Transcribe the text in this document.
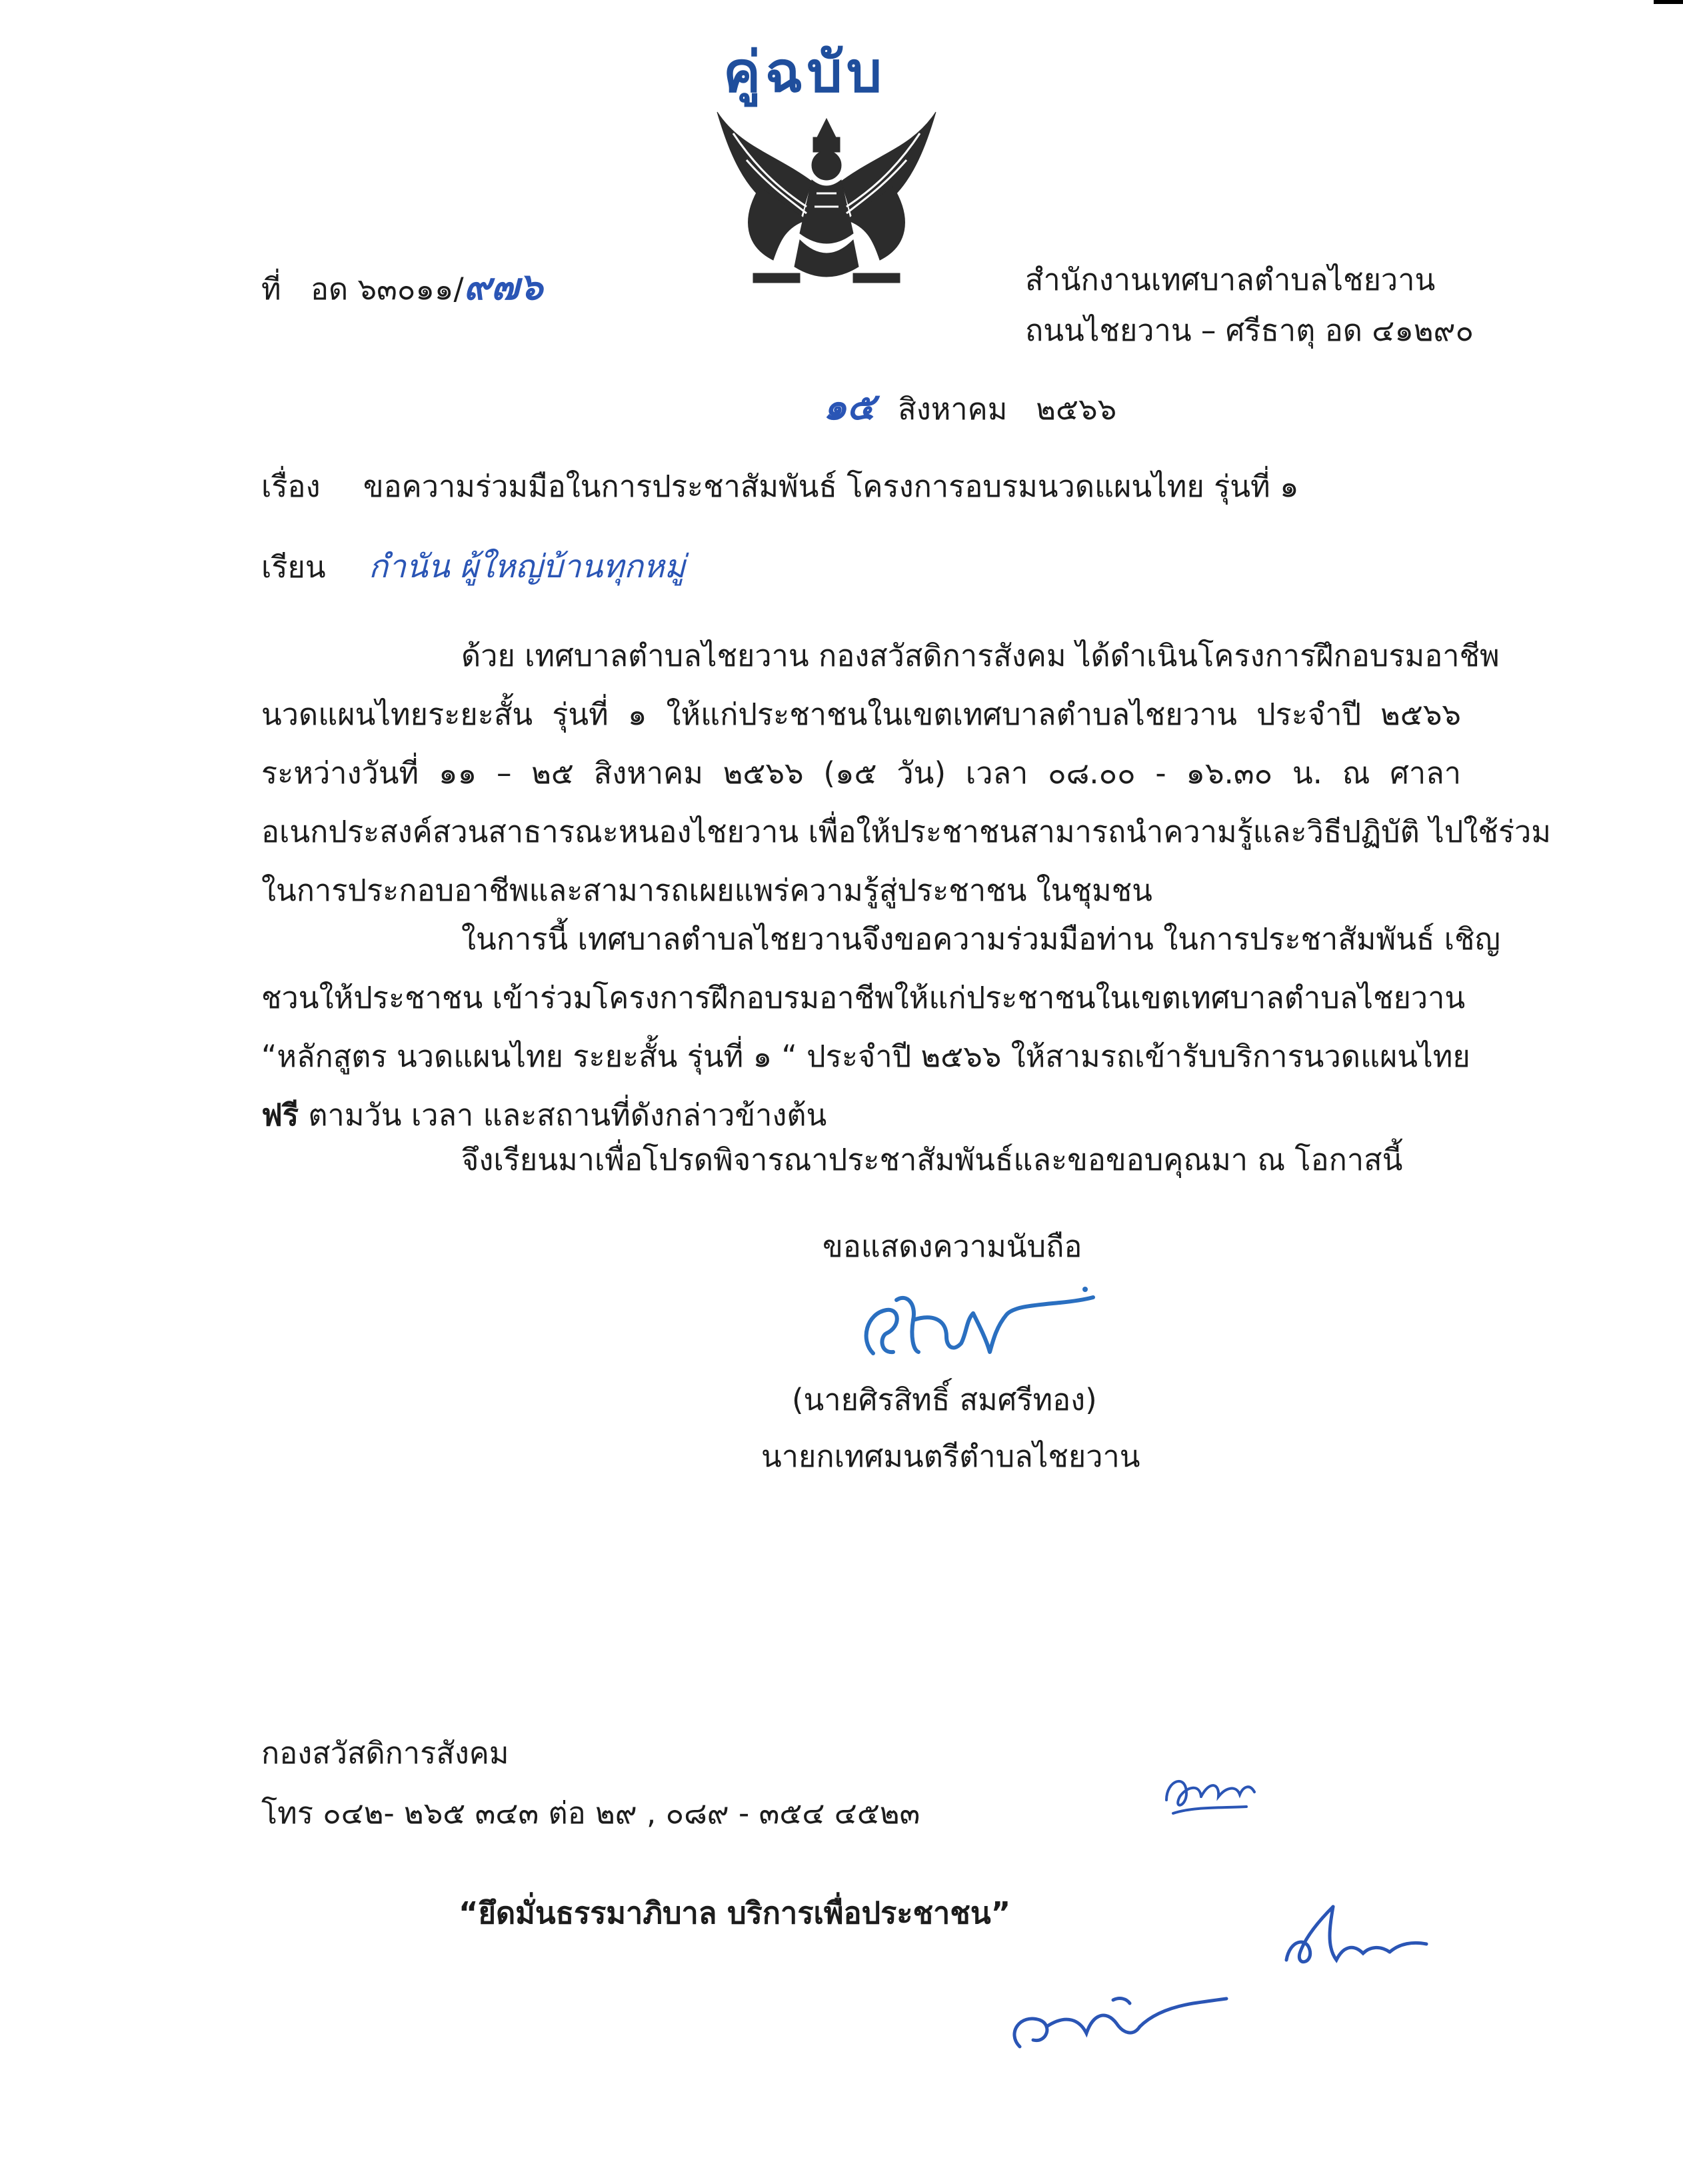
คู่ฉบับ
ที่ อด ๖๓๐๑๑/๙๗๖	สำนักงานเทศบาลตำบลไชยวาน
ถนนไชยวาน – ศรีธาตุ อด ๔๑๒๙๐
๑๕ สิงหาคม   ๒๕๖๖
เรื่อง ขอความร่วมมือในการประชาสัมพันธ์ โครงการอบรมนวดแผนไทย รุ่นที่ ๑
เรียน กำนัน ผู้ใหญ่บ้านทุกหมู่
ด้วย เทศบาลตำบลไชยวาน กองสวัสดิการสังคม ได้ดำเนินโครงการฝึกอบรมอาชีพ
นวดแผนไทยระยะสั้น รุ่นที่ ๑ ให้แก่ประชาชนในเขตเทศบาลตำบลไชยวาน ประจำปี ๒๕๖๖
ระหว่างวันที่ ๑๑ – ๒๕ สิงหาคม ๒๕๖๖ (๑๕ วัน) เวลา ๐๘.๐๐ - ๑๖.๓๐ น. ณ ศาลา
อเนกประสงค์สวนสาธารณะหนองไชยวาน เพื่อให้ประชาชนสามารถนำความรู้และวิธีปฏิบัติ ไปใช้ร่วม
ในการประกอบอาชีพและสามารถเผยแพร่ความรู้สู่ประชาชน ในชุมชน
ในการนี้ เทศบาลตำบลไชยวานจึงขอความร่วมมือท่าน ในการประชาสัมพันธ์ เชิญ
ชวนให้ประชาชน เข้าร่วมโครงการฝึกอบรมอาชีพให้แก่ประชาชนในเขตเทศบาลตำบลไชยวาน
“หลักสูตร นวดแผนไทย ระยะสั้น รุ่นที่ ๑ “ ประจำปี ๒๕๖๖ ให้สามรถเข้ารับบริการนวดแผนไทย
ฟรี ตามวัน เวลา และสถานที่ดังกล่าวข้างต้น
จึงเรียนมาเพื่อโปรดพิจารณาประชาสัมพันธ์และขอขอบคุณมา ณ โอกาสนี้
ขอแสดงความนับถือ
(นายศิรสิทธิ์ สมศรีทอง)
นายกเทศมนตรีตำบลไชยวาน
กองสวัสดิการสังคม
โทร ๐๔๒- ๒๖๕ ๓๔๓ ต่อ ๒๙ , ๐๘๙ - ๓๕๔ ๔๕๒๓
“ยึดมั่นธรรมาภิบาล บริการเพื่อประชาชน”
